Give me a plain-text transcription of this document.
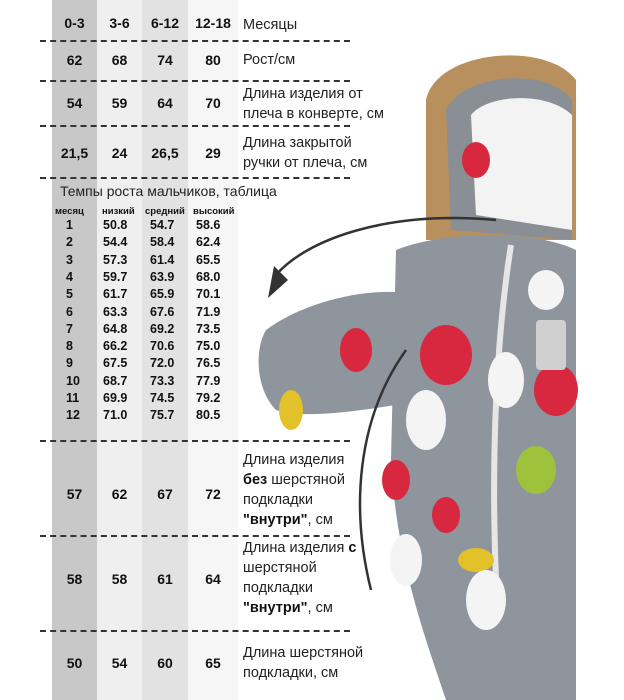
0-3	3-6	6-12	12-18 Месяцы
62	68	74	80	Рост/см
54	59	64	70
Длина изделия от
плеча в конверте, см
21,5	24	26,5	29
Длина закрытой
ручки от плеча, см
Темпы роста мальчиков, таблица
месяц низкий средний высокий
1 50.8 54.7 58.6
2 54.4 58.4 62.4
3 57.3 61.4 65.5
4 59.7 63.9 68.0
5 61.7 65.9 70.1
6 63.3 67.6 71.9
7 64.8 69.2 73.5
8 66.2 70.6 75.0
9 67.5 72.0 76.5
10 68.7 73.3 77.9
11 69.9 74.5 79.2
12 71.0 75.7 80.5
57	62	67	72
Длина изделия
без шерстяной
подкладки
"внутри", см
58	58	61	64
Длина изделия с
шерстяной
подкладки
"внутри", см
50	54	60	65
Длина шерстяной
подкладки, см
